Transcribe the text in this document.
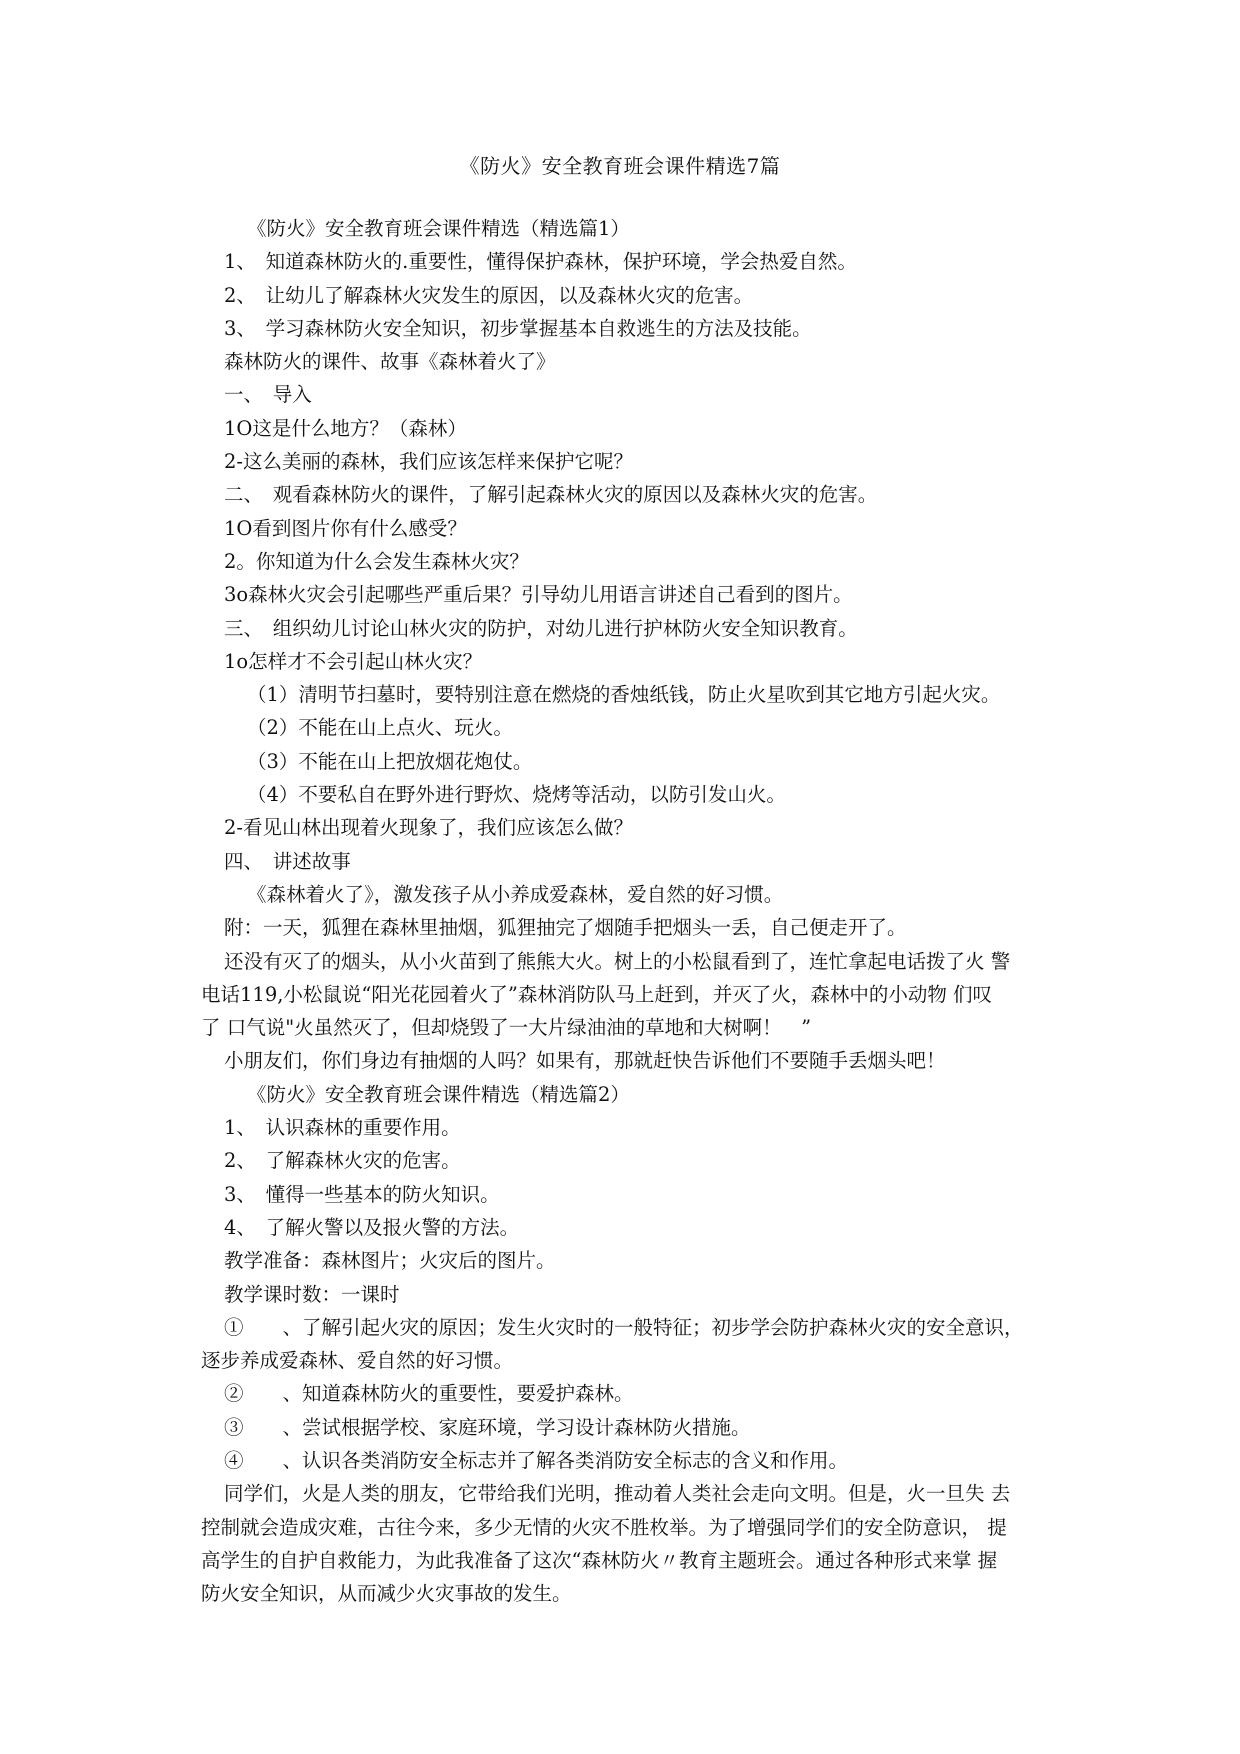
《防火》安全教育班会课件精选7篇
《防火》安全教育班会课件精选（精选篇1）
1、　知道森林防火的.重要性，懂得保护森林，保护环境，学会热爱自然。
2、　让幼儿了解森林火灾发生的原因，以及森林火灾的危害。
3、　学习森林防火安全知识，初步掌握基本自救逃生的方法及技能。
森林防火的课件、故事《森林着火了》
一、　导入
1O这是什么地方？（森林）
2-这么美丽的森林，我们应该怎样来保护它呢？
二、　观看森林防火的课件，了解引起森林火灾的原因以及森林火灾的危害。
1O看到图片你有什么感受？
2。你知道为什么会发生森林火灾？
3o森林火灾会引起哪些严重后果？引导幼儿用语言讲述自己看到的图片。
三、　组织幼儿讨论山林火灾的防护，对幼儿进行护林防火安全知识教育。
1o怎样才不会引起山林火灾？
（1）清明节扫墓时，要特别注意在燃烧的香烛纸钱，防止火星吹到其它地方引起火灾。
（2）不能在山上点火、玩火。
（3）不能在山上把放烟花炮仗。
（4）不要私自在野外进行野炊、烧烤等活动，以防引发山火。
2-看见山林出现着火现象了，我们应该怎么做？
四、　讲述故事
《森林着火了》，激发孩子从小养成爱森林，爱自然的好习惯。
附：一天，狐狸在森林里抽烟，狐狸抽完了烟随手把烟头一丢，自己便走开了。
还没有灭了的烟头，从小火苗到了熊熊大火。树上的小松鼠看到了，连忙拿起电话拨了火 警
电话119,小松鼠说“阳光花园着火了”森林消防队马上赶到，并灭了火，森林中的小动物 们叹
了 口气说"火虽然灭了，但却烧毁了一大片绿油油的草地和大树啊！　”
小朋友们，你们身边有抽烟的人吗？如果有，那就赶快告诉他们不要随手丢烟头吧！
《防火》安全教育班会课件精选（精选篇2）
1、　认识森林的重要作用。
2、　了解森林火灾的危害。
3、　懂得一些基本的防火知识。
4、　了解火警以及报火警的方法。
教学准备：森林图片；火灾后的图片。
教学课时数：一课时
①　　、了解引起火灾的原因；发生火灾时的一般特征；初步学会防护森林火灾的安全意识，
逐步养成爱森林、爱自然的好习惯。
②　　、知道森林防火的重要性，要爱护森林。
③　　、尝试根据学校、家庭环境，学习设计森林防火措施。
④　　、认识各类消防安全标志并了解各类消防安全标志的含义和作用。
同学们，火是人类的朋友，它带给我们光明，推动着人类社会走向文明。但是，火一旦失 去
控制就会造成灾难，古往今来，多少无情的火灾不胜枚举。为了增强同学们的安全防意识， 提
高学生的自护自救能力，为此我准备了这次“森林防火〃教育主题班会。通过各种形式来掌 握
防火安全知识，从而减少火灾事故的发生。
